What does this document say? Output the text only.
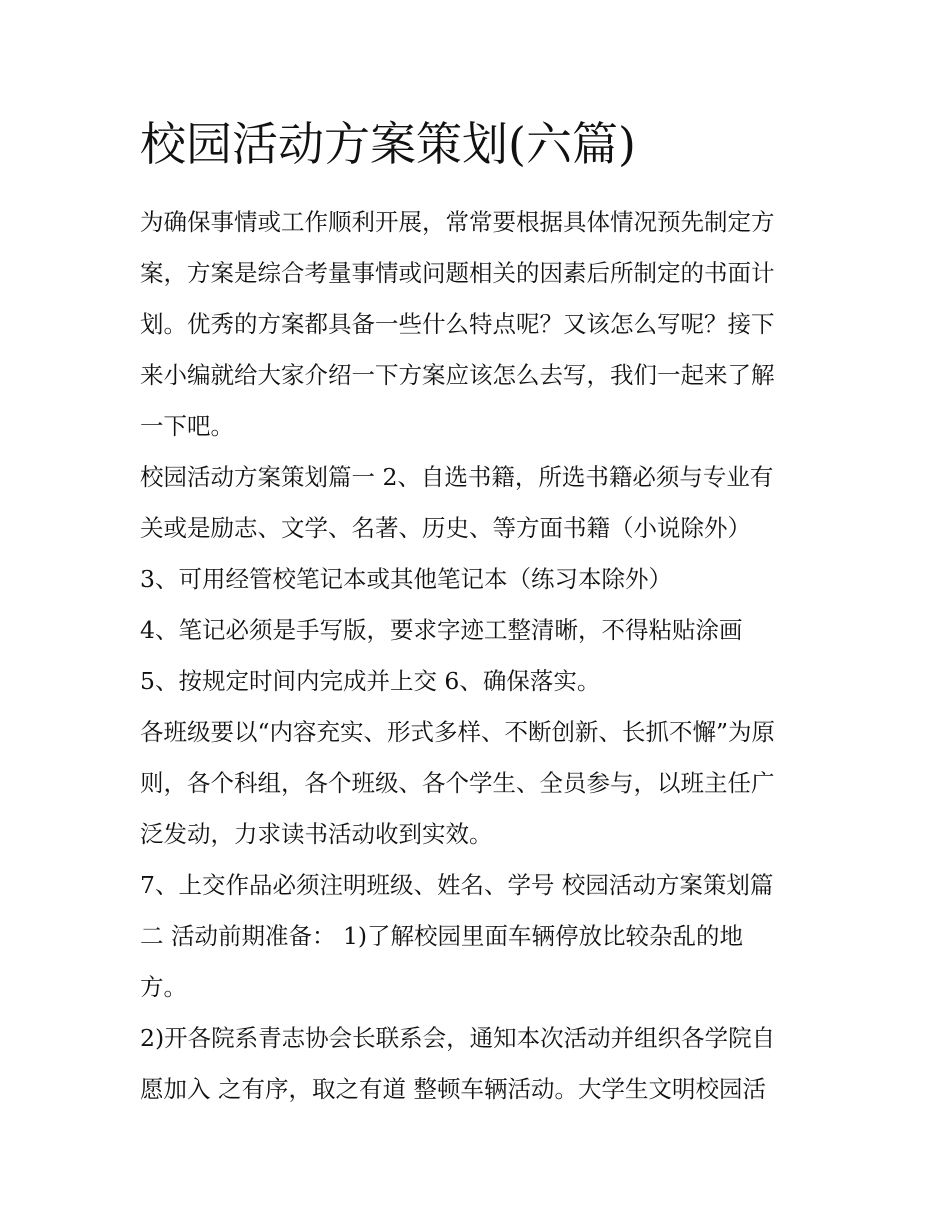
校园活动方案策划(六篇)

为确保事情或工作顺利开展，常常要根据具体情况预先制定方

案，方案是综合考量事情或问题相关的因素后所制定的书面计

划。优秀的方案都具备一些什么特点呢？又该怎么写呢？接下

来小编就给大家介绍一下方案应该怎么去写，我们一起来了解

一下吧。

校园活动方案策划篇一 2、自选书籍，所选书籍必须与专业有

关或是励志、文学、名著、历史、等方面书籍（小说除外）

3、可用经管校笔记本或其他笔记本（练习本除外）

4、笔记必须是手写版，要求字迹工整清晰，不得粘贴涂画

5、按规定时间内完成并上交 6、确保落实。

各班级要以“内容充实、形式多样、不断创新、长抓不懈”为原

则，各个科组，各个班级、各个学生、全员参与，以班主任广

泛发动，力求读书活动收到实效。

7、上交作品必须注明班级、姓名、学号 校园活动方案策划篇

二 活动前期准备： 1)了解校园里面车辆停放比较杂乱的地

方。

2)开各院系青志协会长联系会，通知本次活动并组织各学院自

愿加入 之有序，取之有道 整顿车辆活动。大学生文明校园活
